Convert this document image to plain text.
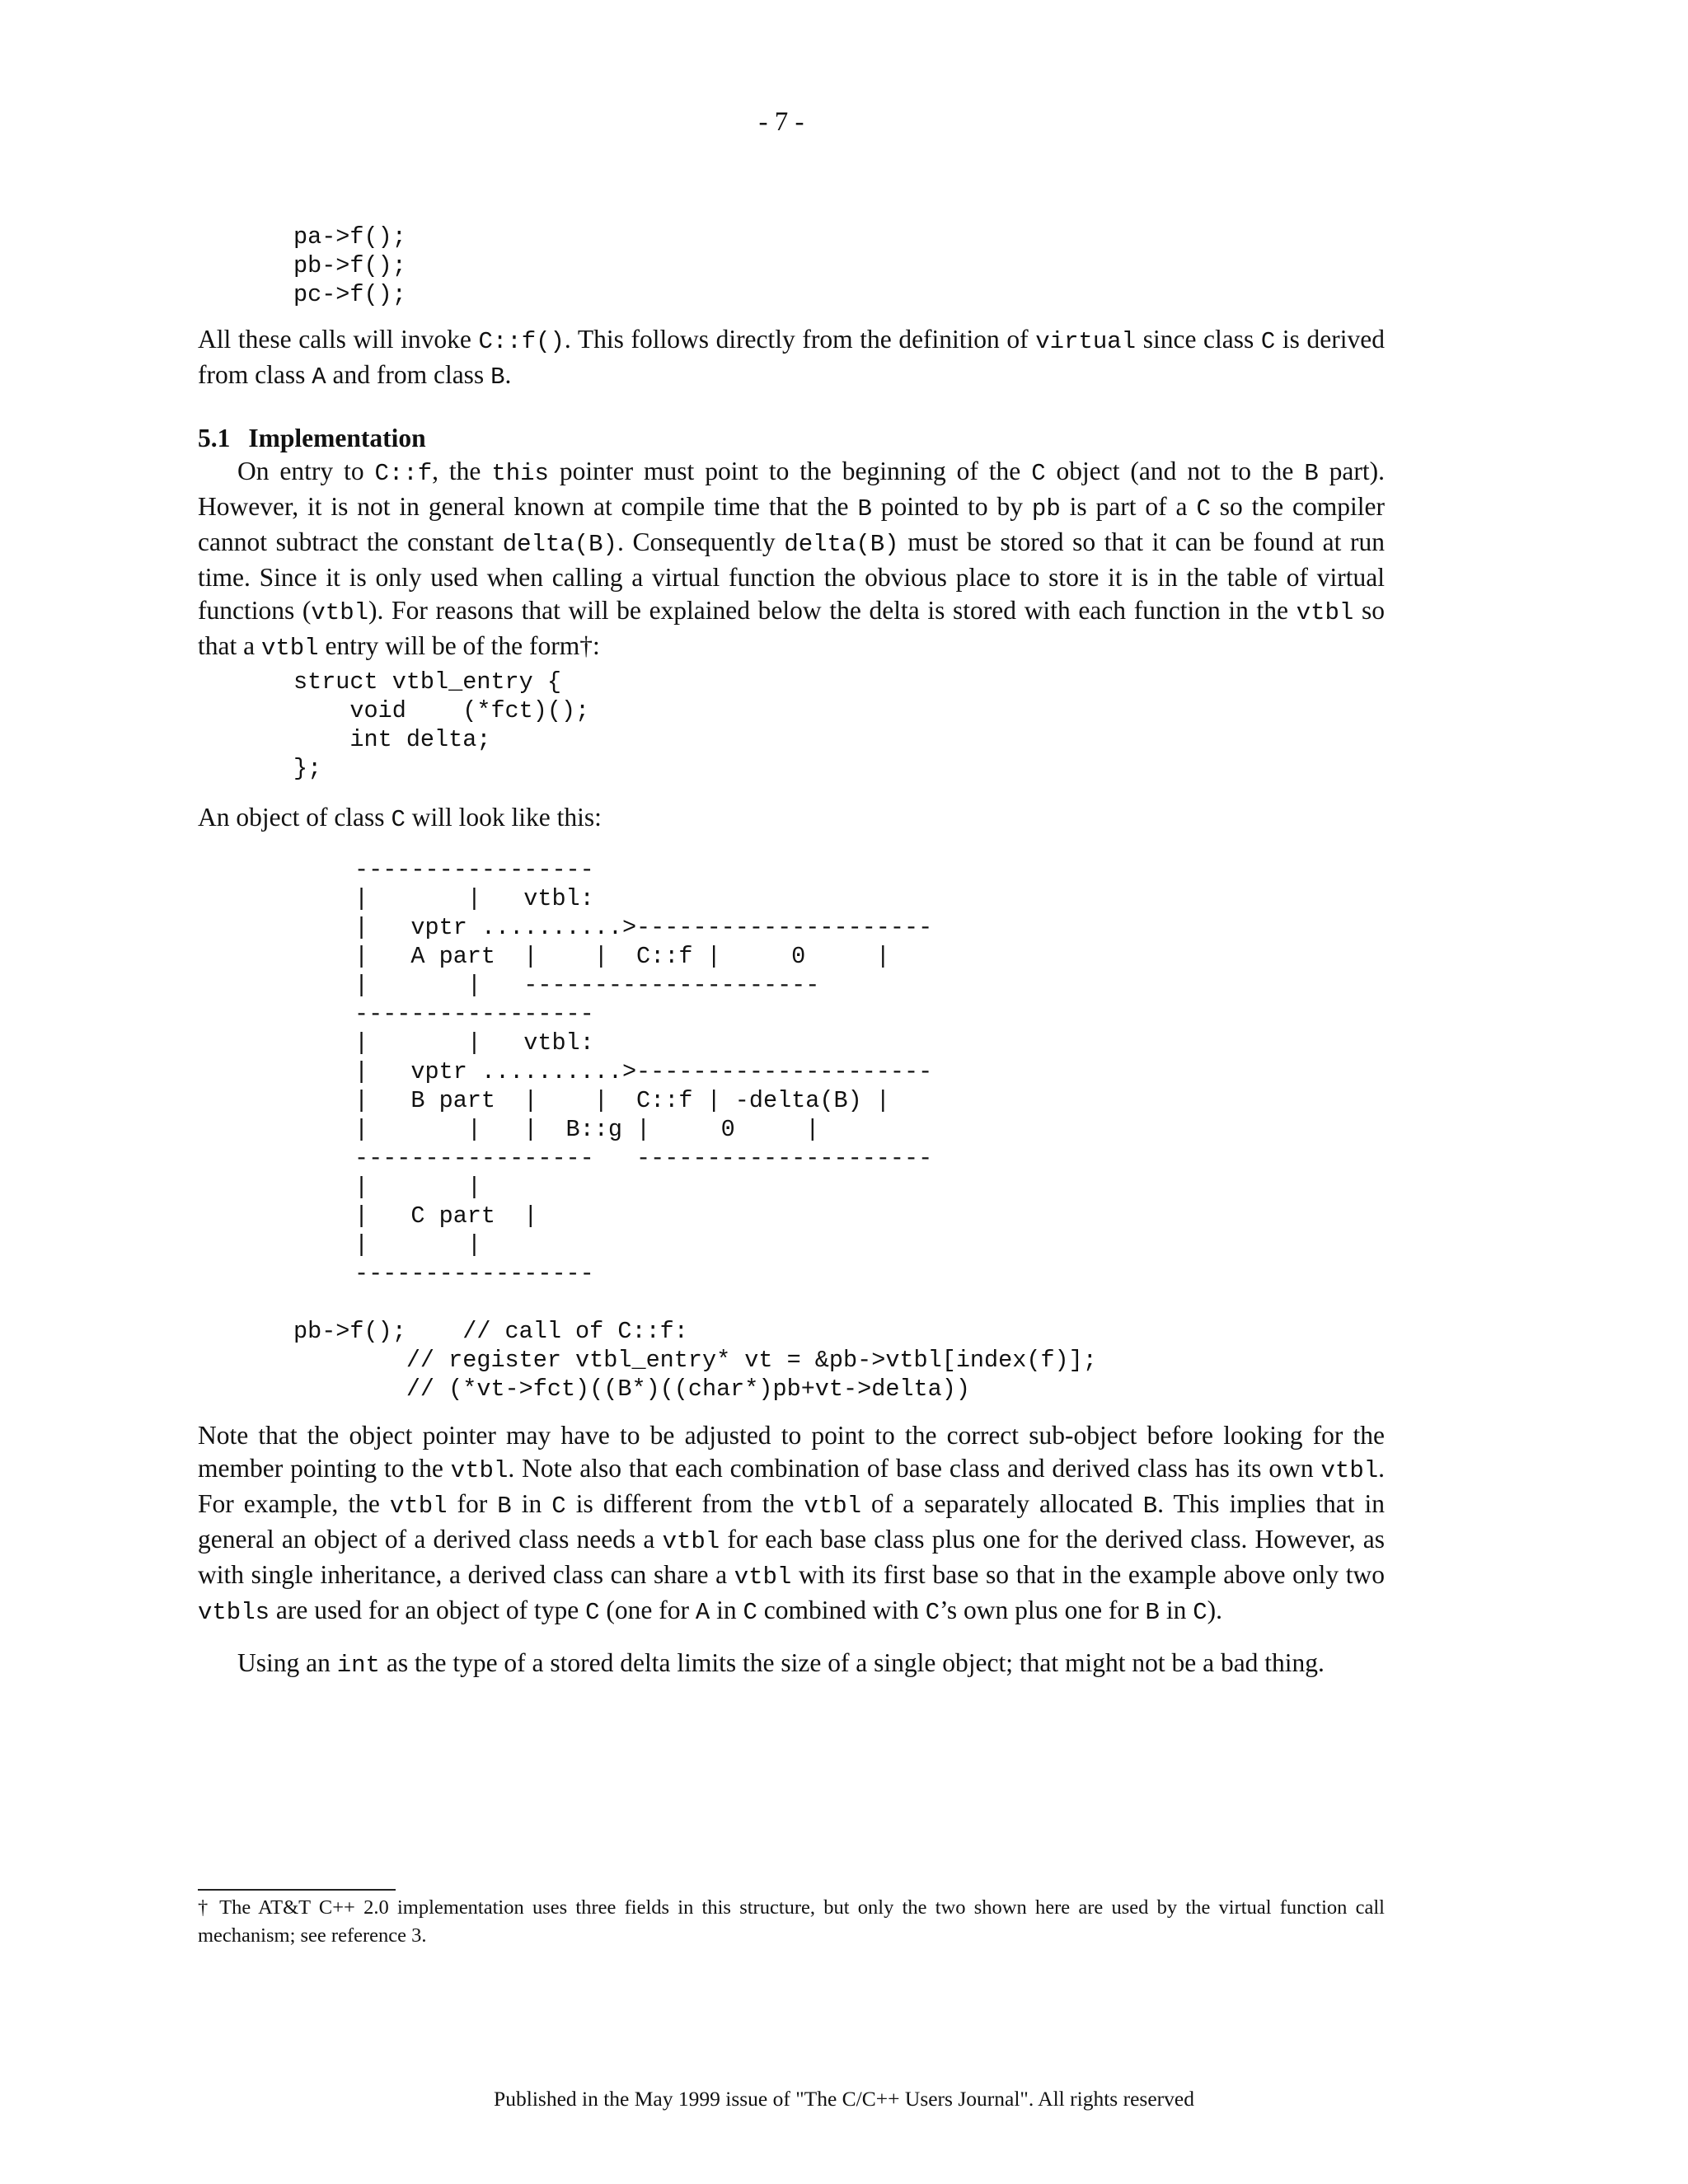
- 7 -
pa->f();
pb->f();
pc->f();
All these calls will invoke C::f(). This follows directly from the definition of virtual since class C is derived from class A and from class B.
5.1 Implementation
On entry to C::f, the this pointer must point to the beginning of the C object (and not to the B part). However, it is not in general known at compile time that the B pointed to by pb is part of a C so the compiler cannot subtract the constant delta(B). Consequently delta(B) must be stored so that it can be found at run time. Since it is only used when calling a virtual function the obvious place to store it is in the table of virtual functions (vtbl). For reasons that will be explained below the delta is stored with each function in the vtbl so that a vtbl entry will be of the form†:
struct vtbl_entry {
void    (*fct)();
int delta;
};
An object of class C will look like this:
-----------------
|       |   vtbl:
|   vptr ..........>---------------------
|   A part  |    |  C::f |     0     |
|       |   ---------------------
-----------------
|       |   vtbl:
|   vptr ..........>---------------------
|   B part  |    |  C::f | -delta(B) |
|       |   |  B::g |     0     |
-----------------   ---------------------
|       |
|   C part  |
|       |
-----------------
pb->f();    // call of C::f:
// register vtbl_entry* vt = &pb->vtbl[index(f)];
// (*vt->fct)((B*)((char*)pb+vt->delta))
Note that the object pointer may have to be adjusted to point to the correct sub-object before looking for the member pointing to the vtbl. Note also that each combination of base class and derived class has its own vtbl. For example, the vtbl for B in C is different from the vtbl of a separately allocated B. This implies that in general an object of a derived class needs a vtbl for each base class plus one for the derived class. However, as with single inheritance, a derived class can share a vtbl with its first base so that in the example above only two vtbls are used for an object of type C (one for A in C combined with C’s own plus one for B in C).
Using an int as the type of a stored delta limits the size of a single object; that might not be a bad thing.
† The AT&T C++ 2.0 implementation uses three fields in this structure, but only the two shown here are used by the virtual function call mechanism; see reference 3.
Published in the May 1999 issue of "The C/C++ Users Journal". All rights reserved
